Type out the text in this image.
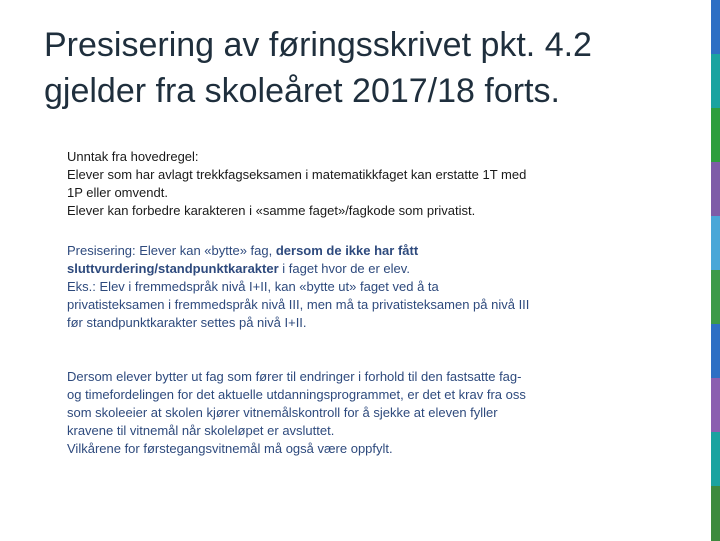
Presisering av føringsskrivet pkt. 4.2
gjelder fra skoleåret 2017/18 forts.

Unntak fra hovedregel:
Elever som har avlagt trekkfagseksamen i matematikkfaget kan erstatte 1T med
1P eller omvendt.
Elever kan forbedre karakteren i «samme faget»/fagkode som privatist.

Presisering: Elever kan «bytte» fag, dersom de ikke har fått
sluttvurdering/standpunktkarakter i faget hvor de er elev.
Eks.: Elev i fremmedspråk nivå I+II, kan «bytte ut» faget ved å ta
privatisteksamen i fremmedspråk nivå III, men må ta privatisteksamen på nivå III
før standpunktkarakter settes på nivå I+II.

Dersom elever bytter ut fag som fører til endringer i forhold til den fastsatte fag-
og timefordelingen for det aktuelle utdanningsprogrammet, er det et krav fra oss
som skoleeier at skolen kjører vitnemålskontroll for å sjekke at eleven fyller
kravene til vitnemål når skoleløpet er avsluttet.
Vilkårene for førstegangsvitnemål må også være oppfylt.
